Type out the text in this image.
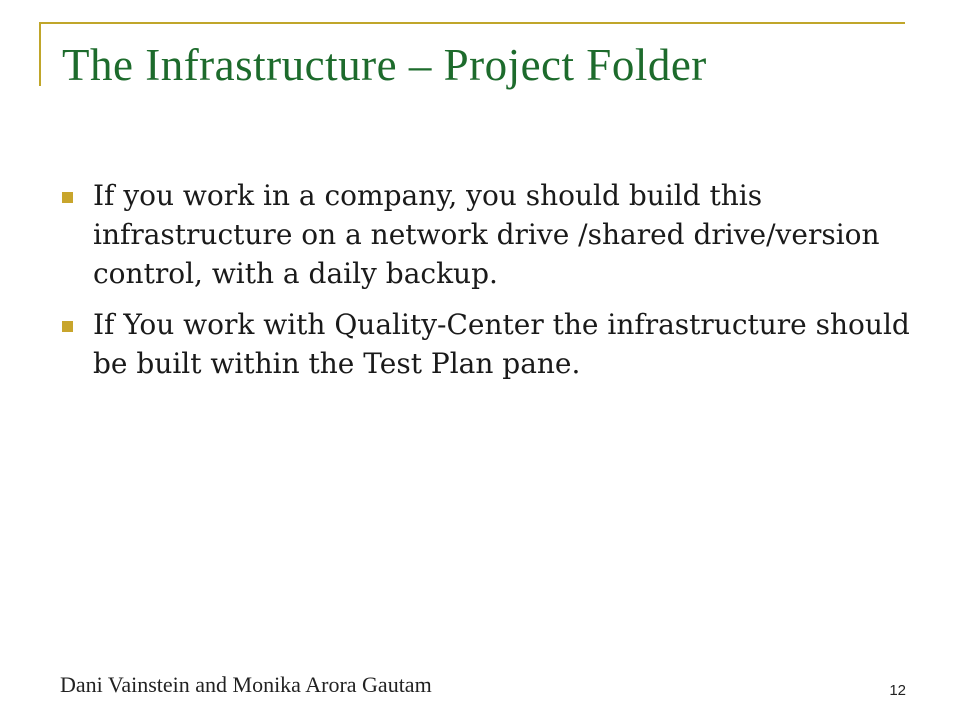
The Infrastructure – Project Folder
If you work in a company, you should build this infrastructure on a network drive /shared drive/version control, with a daily backup.
If You work with Quality-Center the infrastructure should be built within the Test Plan pane.
Dani Vainstein and Monika Arora Gautam	12
